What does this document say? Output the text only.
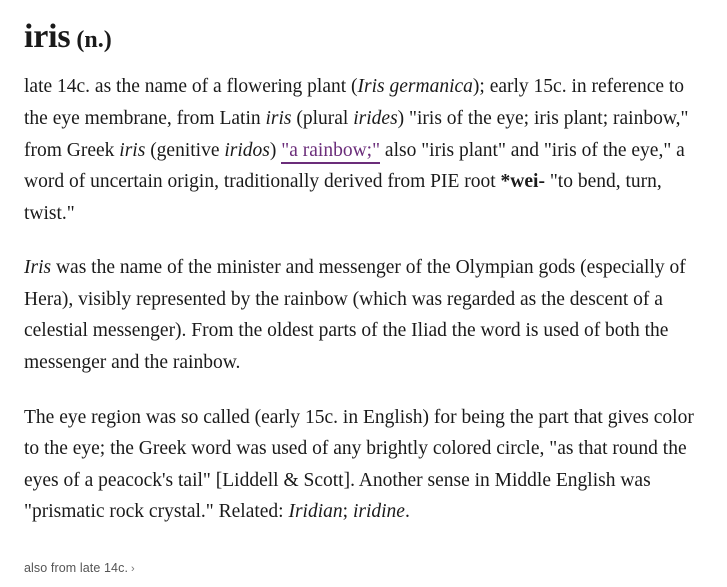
iris (n.)

late 14c. as the name of a flowering plant (Iris germanica); early 15c. in reference to the eye membrane, from Latin iris (plural irides) "iris of the eye; iris plant; rainbow," from Greek iris (genitive iridos) "a rainbow;" also "iris plant" and "iris of the eye," a word of uncertain origin, traditionally derived from PIE root *wei- "to bend, turn, twist."

Iris was the name of the minister and messenger of the Olympian gods (especially of Hera), visibly represented by the rainbow (which was regarded as the descent of a celestial messenger). From the oldest parts of the Iliad the word is used of both the messenger and the rainbow.

The eye region was so called (early 15c. in English) for being the part that gives color to the eye; the Greek word was used of any brightly colored circle, "as that round the eyes of a peacock's tail" [Liddell & Scott]. Another sense in Middle English was "prismatic rock crystal." Related: Iridian; iridine.

also from late 14c. ›
